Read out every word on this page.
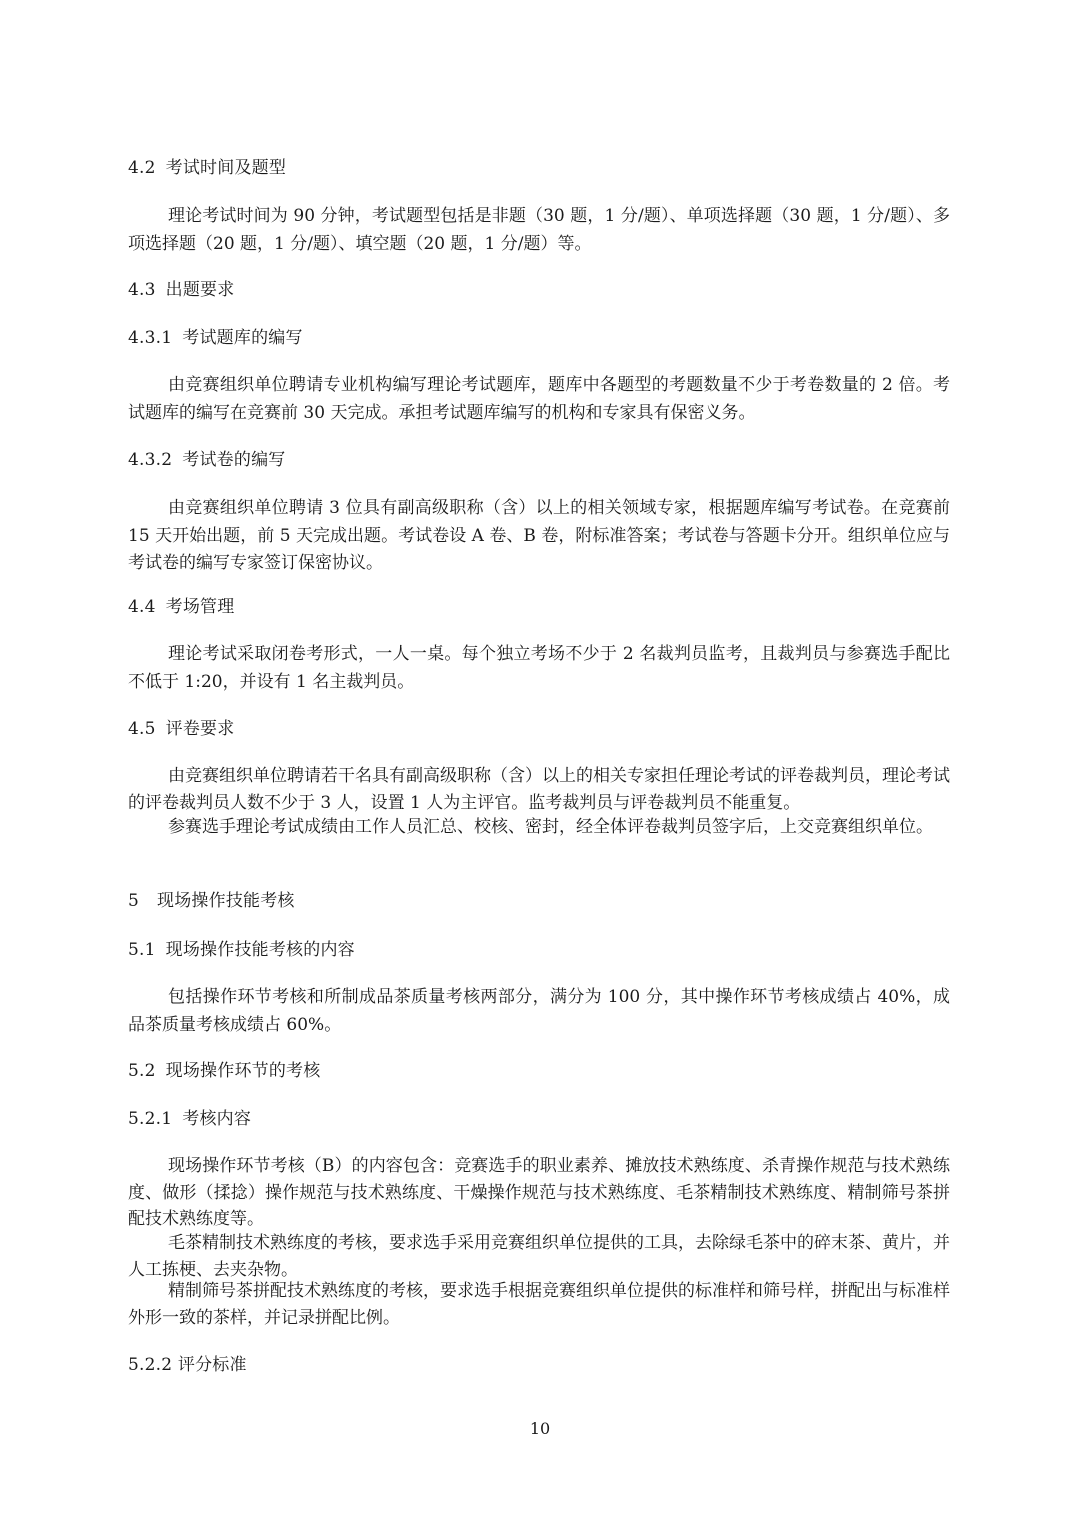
4.2 考试时间及题型
理论考试时间为 90 分钟，考试题型包括是非题（30 题，1 分/题）、单项选择题（30 题，1 分/题）、多项选择题（20 题，1 分/题）、填空题（20 题，1 分/题）等。
4.3 出题要求
4.3.1 考试题库的编写
由竞赛组织单位聘请专业机构编写理论考试题库，题库中各题型的考题数量不少于考卷数量的 2 倍。考试题库的编写在竞赛前 30 天完成。承担考试题库编写的机构和专家具有保密义务。
4.3.2 考试卷的编写
由竞赛组织单位聘请 3 位具有副高级职称（含）以上的相关领域专家，根据题库编写考试卷。在竞赛前 15 天开始出题，前 5 天完成出题。考试卷设 A 卷、B 卷，附标准答案；考试卷与答题卡分开。组织单位应与考试卷的编写专家签订保密协议。
4.4 考场管理
理论考试采取闭卷考形式，一人一桌。每个独立考场不少于 2 名裁判员监考，且裁判员与参赛选手配比不低于 1:20，并设有 1 名主裁判员。
4.5 评卷要求
由竞赛组织单位聘请若干名具有副高级职称（含）以上的相关专家担任理论考试的评卷裁判员，理论考试的评卷裁判员人数不少于 3 人，设置 1 人为主评官。监考裁判员与评卷裁判员不能重复。
参赛选手理论考试成绩由工作人员汇总、校核、密封，经全体评卷裁判员签字后，上交竞赛组织单位。
5 现场操作技能考核
5.1 现场操作技能考核的内容
包括操作环节考核和所制成品茶质量考核两部分，满分为 100 分，其中操作环节考核成绩占 40%，成品茶质量考核成绩占 60%。
5.2 现场操作环节的考核
5.2.1 考核内容
现场操作环节考核（B）的内容包含：竞赛选手的职业素养、摊放技术熟练度、杀青操作规范与技术熟练度、做形（揉捻）操作规范与技术熟练度、干燥操作规范与技术熟练度、毛茶精制技术熟练度、精制筛号茶拼配技术熟练度等。
毛茶精制技术熟练度的考核，要求选手采用竞赛组织单位提供的工具，去除绿毛茶中的碎末茶、黄片，并人工拣梗、去夹杂物。
精制筛号茶拼配技术熟练度的考核，要求选手根据竞赛组织单位提供的标准样和筛号样，拼配出与标准样外形一致的茶样，并记录拼配比例。
5.2.2 评分标准
10
